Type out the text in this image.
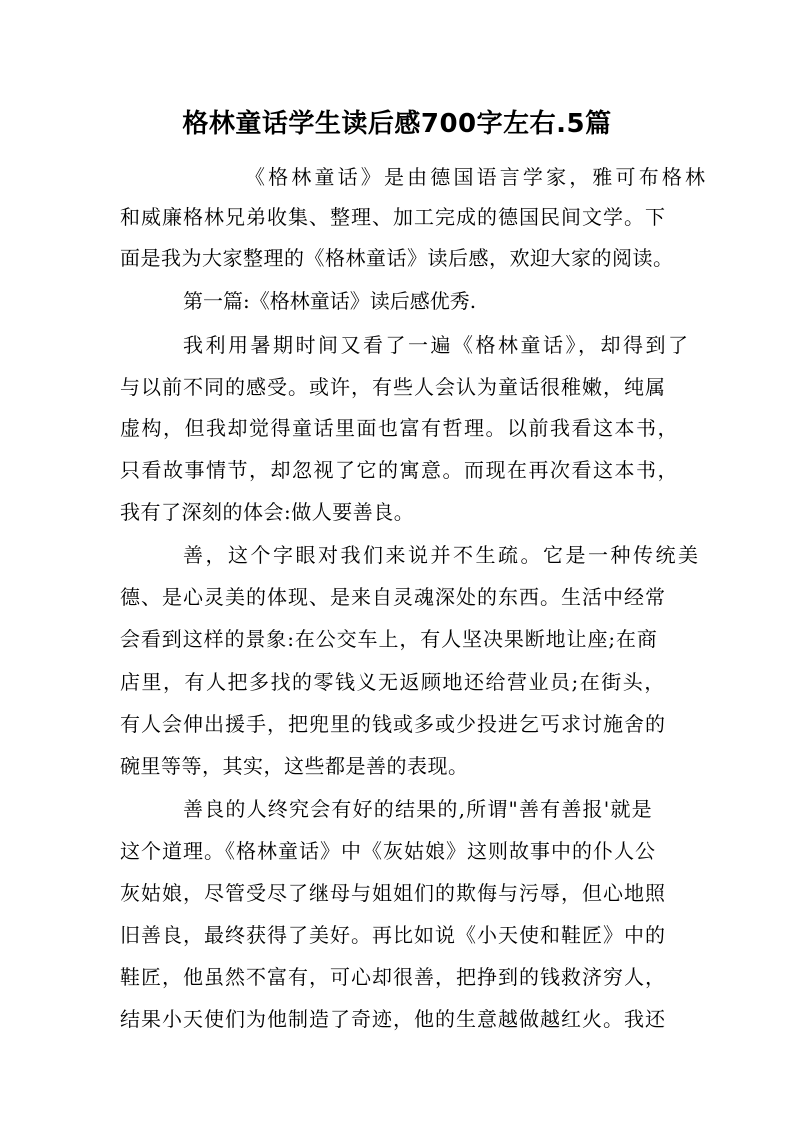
格林童话学生读后感700字左右.5篇
《格林童话》是由德国语言学家，雅可布格林
和威廉格林兄弟收集、整理、加工完成的德国民间文学。下
面是我为大家整理的《格林童话》读后感，欢迎大家的阅读。
第一篇:《格林童话》读后感优秀.
我利用暑期时间又看了一遍《格林童话》，却得到了
与以前不同的感受。或许，有些人会认为童话很稚嫩，纯属
虚构，但我却觉得童话里面也富有哲理。以前我看这本书，
只看故事情节，却忽视了它的寓意。而现在再次看这本书，
我有了深刻的体会:做人要善良。
善，这个字眼对我们来说并不生疏。它是一种传统美
德、是心灵美的体现、是来自灵魂深处的东西。生活中经常
会看到这样的景象:在公交车上，有人坚决果断地让座;在商
店里，有人把多找的零钱义无返顾地还给营业员;在街头，
有人会伸出援手，把兜里的钱或多或少投进乞丐求讨施舍的
碗里等等，其实，这些都是善的表现。
善良的人终究会有好的结果的,所谓"善有善报'就是
这个道理。《格林童话》中《灰姑娘》这则故事中的仆人公
灰姑娘，尽管受尽了继母与姐姐们的欺侮与污辱，但心地照
旧善良，最终获得了美好。再比如说《小天使和鞋匠》中的
鞋匠，他虽然不富有，可心却很善，把挣到的钱救济穷人，
结果小天使们为他制造了奇迹，他的生意越做越红火。我还
